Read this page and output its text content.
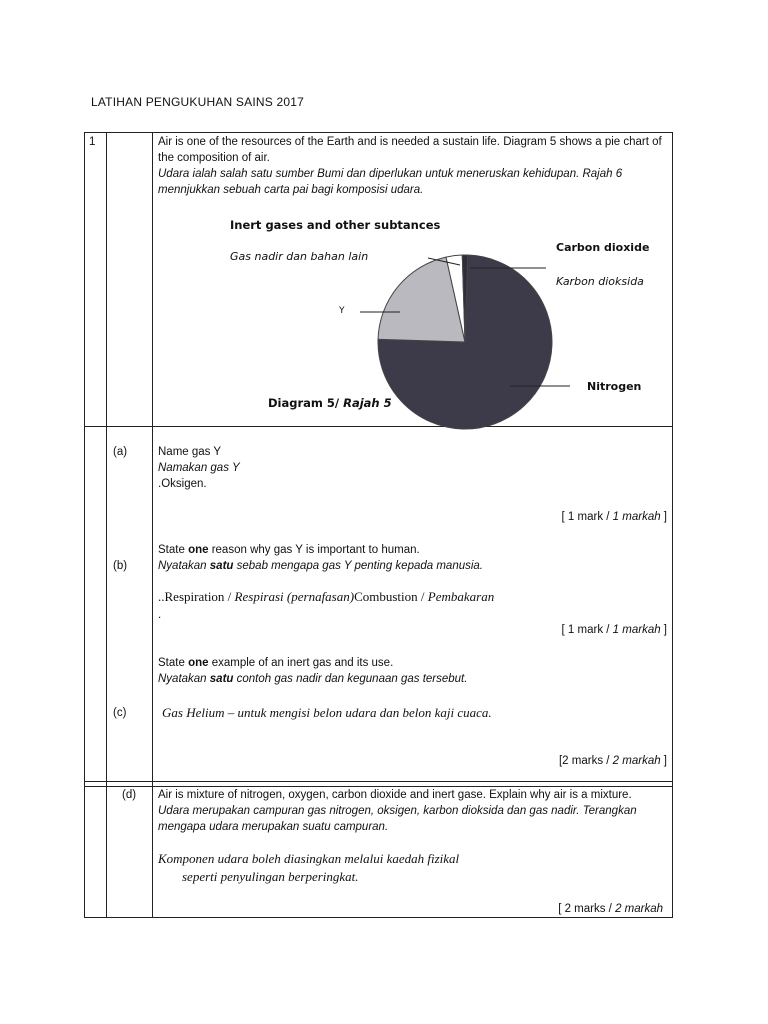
LATIHAN PENGUKUHAN SAINS 2017
1	Air is one of the resources of the Earth and is needed a sustain life. Diagram 5 shows a pie chart of
the composition of air.
Udara ialah salah satu sumber Bumi dan diperlukan untuk meneruskan kehidupan. Rajah 6
mennjukkan sebuah carta pai bagi komposisi udara.
Inert gases and other subtances
Gas nadir dan bahan lain
Carbon dioxide
Karbon dioksida
Y
Nitrogen
Diagram 5/ Rajah 5
(a)	Name gas Y
Namakan gas Y
.Oksigen.
[ 1 mark / 1 markah ]
State one reason why gas Y is important to human.
(b)	Nyatakan satu sebab mengapa gas Y penting kepada manusia.
..Respiration / Respirasi (pernafasan)Combustion / Pembakaran
.
[ 1 mark / 1 markah ]
State one example of an inert gas and its use.
Nyatakan satu contoh gas nadir dan kegunaan gas tersebut.
(c)	Gas Helium – untuk mengisi belon udara dan belon kaji cuaca.
[2 marks / 2 markah ]
(d) Air is mixture of nitrogen, oxygen, carbon dioxide and inert gase. Explain why air is a mixture.
Udara merupakan campuran gas nitrogen, oksigen, karbon dioksida dan gas nadir. Terangkan
mengapa udara merupakan suatu campuran.
Komponen udara boleh diasingkan melalui kaedah fizikal
seperti penyulingan berperingkat.
[ 2 marks / 2 markah
